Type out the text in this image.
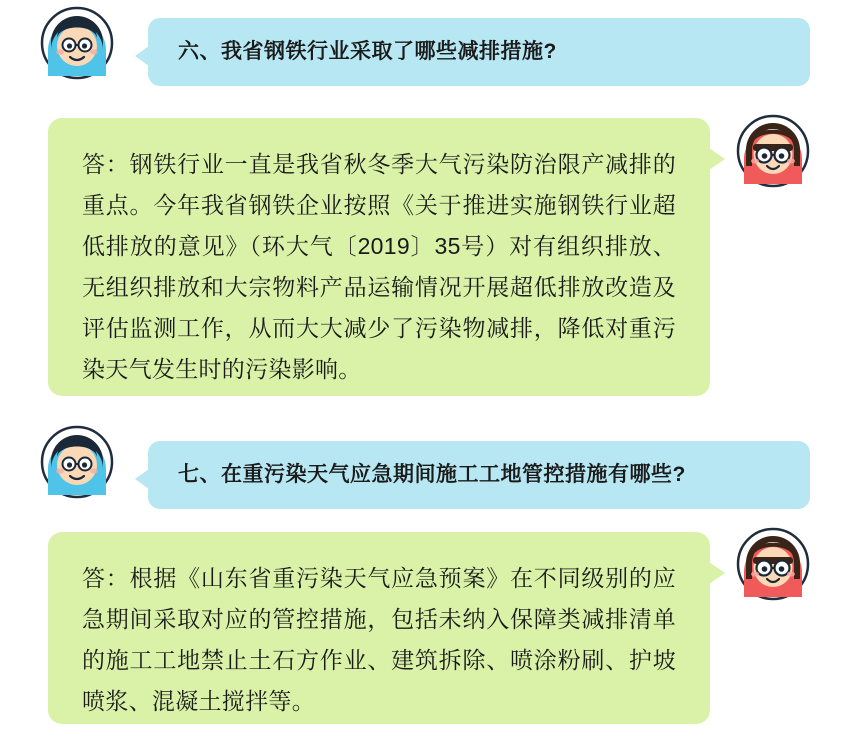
六、我省钢铁行业采取了哪些减排措施?
答：钢铁行业一直是我省秋冬季大气污染防治限产减排的重点。今年我省钢铁企业按照《关于推进实施钢铁行业超低排放的意见》（环大气〔2019〕35号）对有组织排放、无组织排放和大宗物料产品运输情况开展超低排放改造及评估监测工作，从而大大减少了污染物减排，降低对重污染天气发生时的污染影响。
七、在重污染天气应急期间施工工地管控措施有哪些?
答：根据《山东省重污染天气应急预案》在不同级别的应急期间采取对应的管控措施，包括未纳入保障类减排清单的施工工地禁止土石方作业、建筑拆除、喷涂粉刷、护坡喷浆、混凝土搅拌等。
